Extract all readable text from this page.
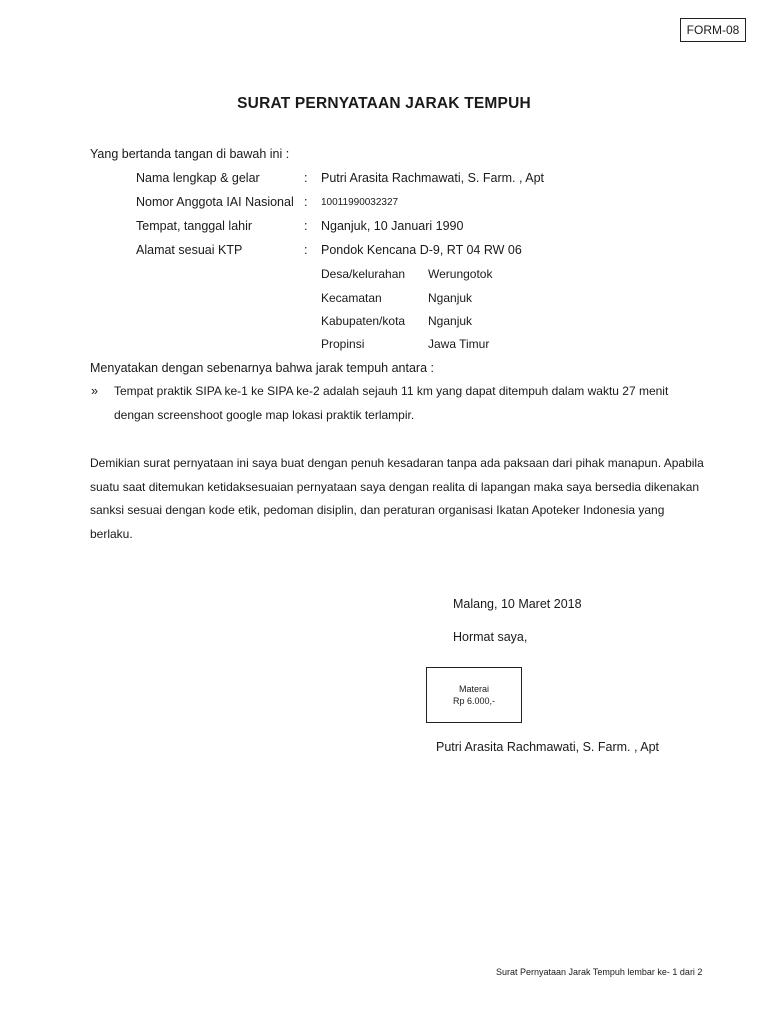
FORM-08
SURAT PERNYATAAN JARAK TEMPUH
Yang bertanda tangan di bawah ini :
Nama lengkap & gelar	: Putri Arasita Rachmawati, S. Farm. , Apt
Nomor Anggota IAI Nasional : 10011990032327
Tempat, tanggal lahir	: Nganjuk, 10 Januari 1990
Alamat sesuai KTP	: Pondok Kencana D-9, RT 04 RW 06
Desa/kelurahan Werungotok
Kecamatan	Nganjuk
Kabupaten/kota Nganjuk
Propinsi	Jawa Timur
Menyatakan dengan sebenarnya bahwa jarak tempuh antara :
» Tempat praktik SIPA ke-1 ke SIPA ke-2 adalah sejauh 11 km yang dapat ditempuh dalam waktu 27 menit
dengan screenshoot google map lokasi praktik terlampir.
Demikian surat pernyataan ini saya buat dengan penuh kesadaran tanpa ada paksaan dari pihak manapun. Apabila
suatu saat ditemukan ketidaksesuaian pernyataan saya dengan realita di lapangan maka saya bersedia dikenakan
sanksi sesuai dengan kode etik, pedoman disiplin, dan peraturan organisasi Ikatan Apoteker Indonesia yang
berlaku.
Malang, 10 Maret 2018
Hormat saya,
Materai
Rp 6.000,-
Putri Arasita Rachmawati, S. Farm. , Apt
Surat Pernyataan Jarak Tempuh lembar ke- 1 dari 2
